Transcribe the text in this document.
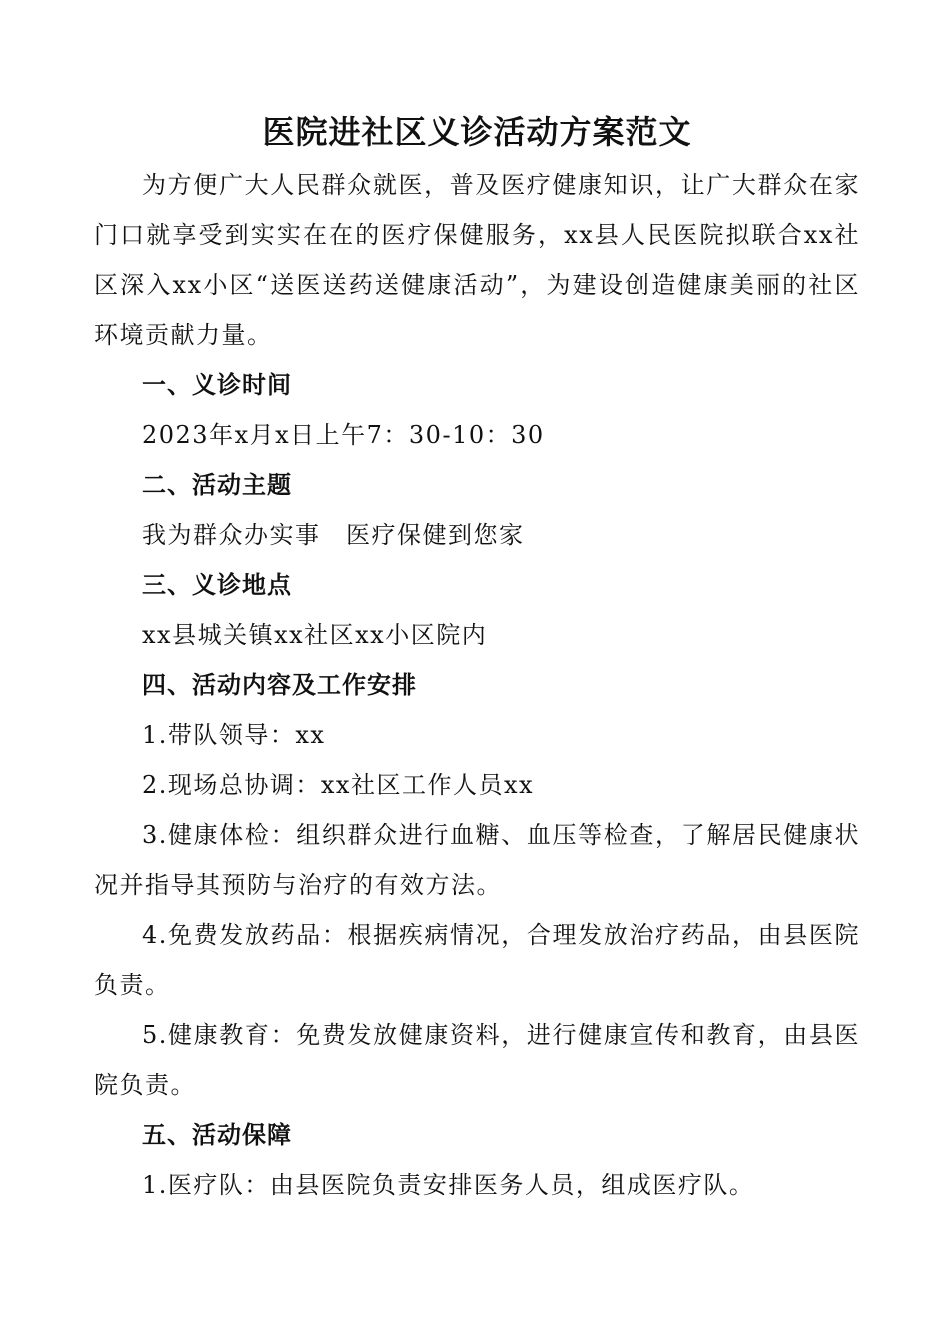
医院进社区义诊活动方案范文

为方便广大人民群众就医，普及医疗健康知识，让广大群众在家门口就享受到实实在在的医疗保健服务，xx县人民医院拟联合xx社区深入xx小区“送医送药送健康活动”，为建设创造健康美丽的社区环境贡献力量。

一、义诊时间

2023年x月x日上午7：30-10：30

二、活动主题

我为群众办实事　医疗保健到您家

三、义诊地点

xx县城关镇xx社区xx小区院内

四、活动内容及工作安排

1.带队领导：xx

2.现场总协调：xx社区工作人员xx

3.健康体检：组织群众进行血糖、血压等检查，了解居民健康状况并指导其预防与治疗的有效方法。

4.免费发放药品：根据疾病情况，合理发放治疗药品，由县医院负责。

5.健康教育：免费发放健康资料，进行健康宣传和教育，由县医院负责。

五、活动保障

1.医疗队：由县医院负责安排医务人员，组成医疗队。
